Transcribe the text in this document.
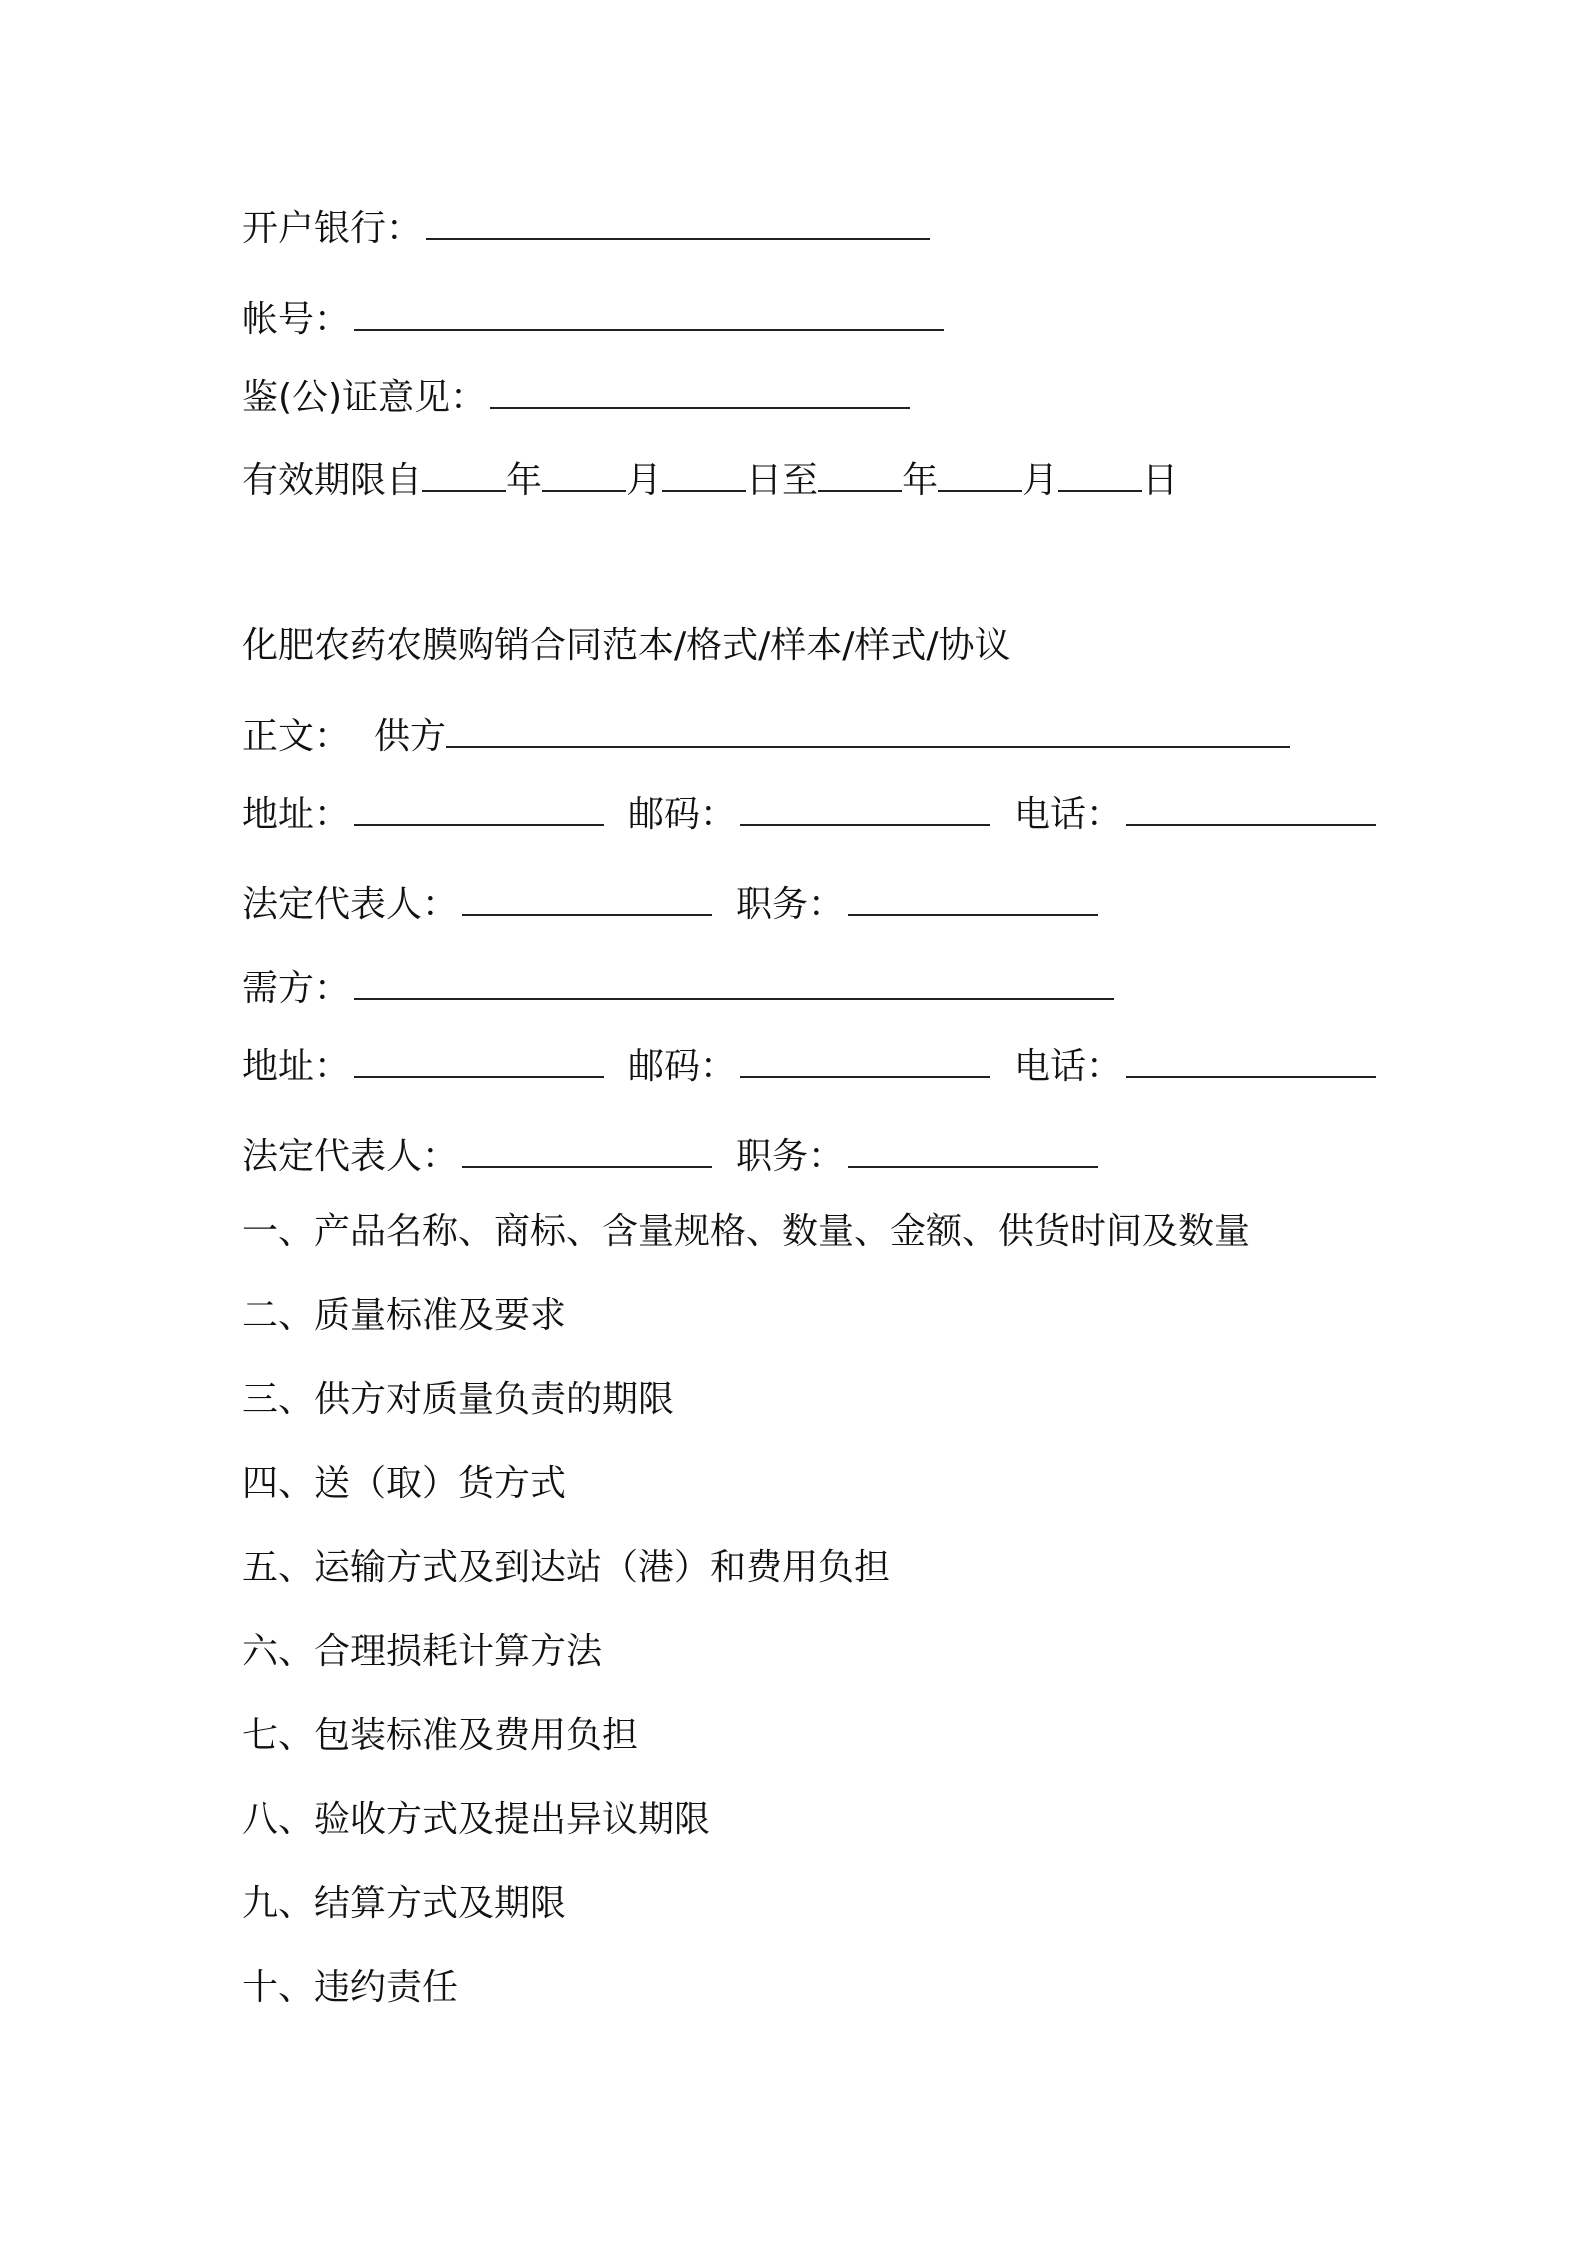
开户银行：
帐号：
鉴(公)证意见：
有效期限自 年 月 日至 年 月 日
化肥农药农膜购销合同范本/格式/样本/样式/协议
正文： 供方
地址：	邮码：	电话：
法定代表人：	职务：
需方：
地址：	邮码：	电话：
法定代表人：	职务：
一、产品名称、商标、含量规格、数量、金额、供货时间及数量
二、质量标准及要求
三、供方对质量负责的期限
四、送（取）货方式
五、运输方式及到达站（港）和费用负担
六、合理损耗计算方法
七、包装标准及费用负担
八、验收方式及提出异议期限
九、结算方式及期限
十、违约责任
